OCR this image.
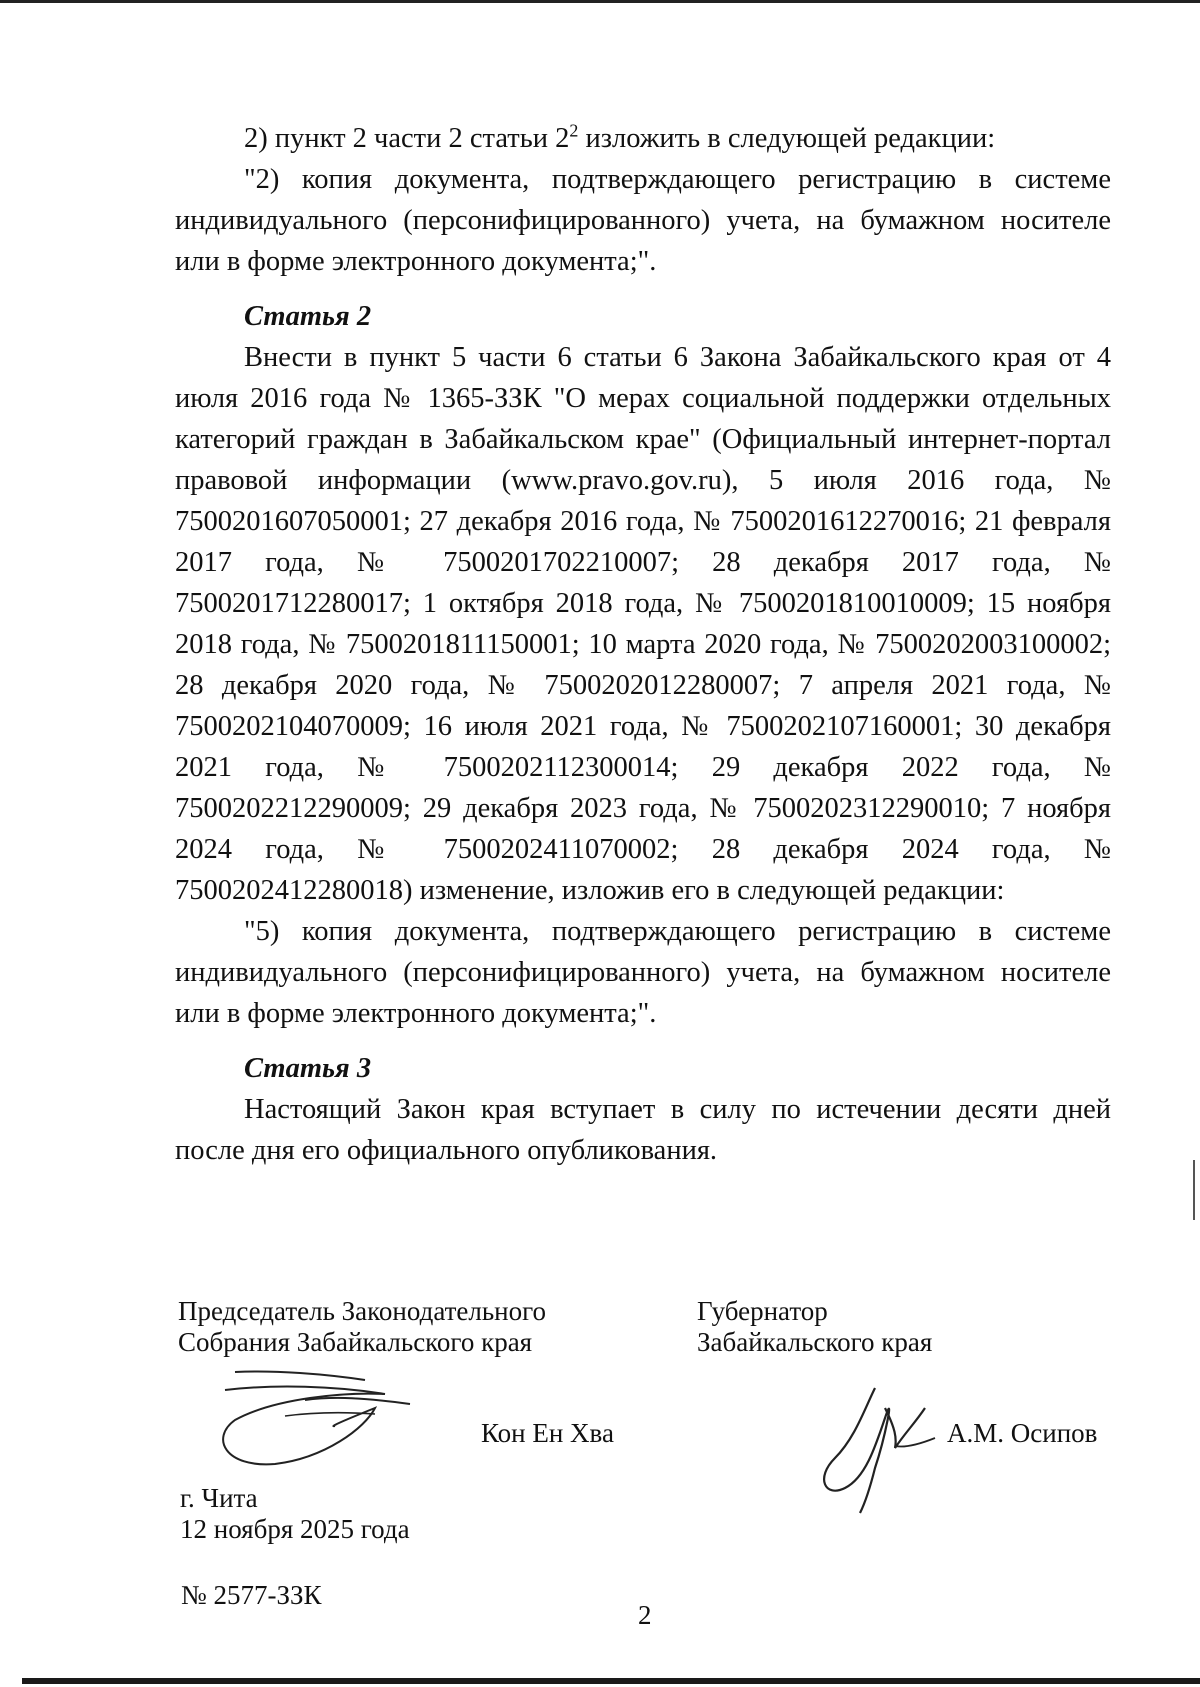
2) пункт 2 части 2 статьи $2^2$ изложить в следующей редакции:

"2) копия документа, подтверждающего регистрацию в системе индивидуального (персонифицированного) учета, на бумажном носителе или в форме электронного документа;".

Статья 2

Внести в пункт 5 части 6 статьи 6 Закона Забайкальского края от 4 июля 2016 года № 1365-ЗЗК "О мерах социальной поддержки отдельных категорий граждан в Забайкальском крае" (Официальный интернет-портал правовой информации (www.pravo.gov.ru), 5 июля 2016 года, № 7500201607050001; 27 декабря 2016 года, № 7500201612270016; 21 февраля 2017 года, № 7500201702210007; 28 декабря 2017 года, № 7500201712280017; 1 октября 2018 года, № 7500201810010009; 15 ноября 2018 года, № 7500201811150001; 10 марта 2020 года, № 7500202003100002; 28 декабря 2020 года, № 7500202012280007; 7 апреля 2021 года, № 7500202104070009; 16 июля 2021 года, № 7500202107160001; 30 декабря 2021 года, № 7500202112300014; 29 декабря 2022 года, № 7500202212290009; 29 декабря 2023 года, № 7500202312290010; 7 ноября 2024 года, № 7500202411070002; 28 декабря 2024 года, № 7500202412280018) изменение, изложив его в следующей редакции:

"5) копия документа, подтверждающего регистрацию в системе индивидуального (персонифицированного) учета, на бумажном носителе или в форме электронного документа;".

Статья 3

Настоящий Закон края вступает в силу по истечении десяти дней после дня его официального опубликования.

Председатель Законодательного
Собрания Забайкальского края
Губернатор
Забайкальского края
Кон Ен Хва	А.М. Осипов
г. Чита
12 ноября 2025 года
№ 2577-ЗЗК
2
